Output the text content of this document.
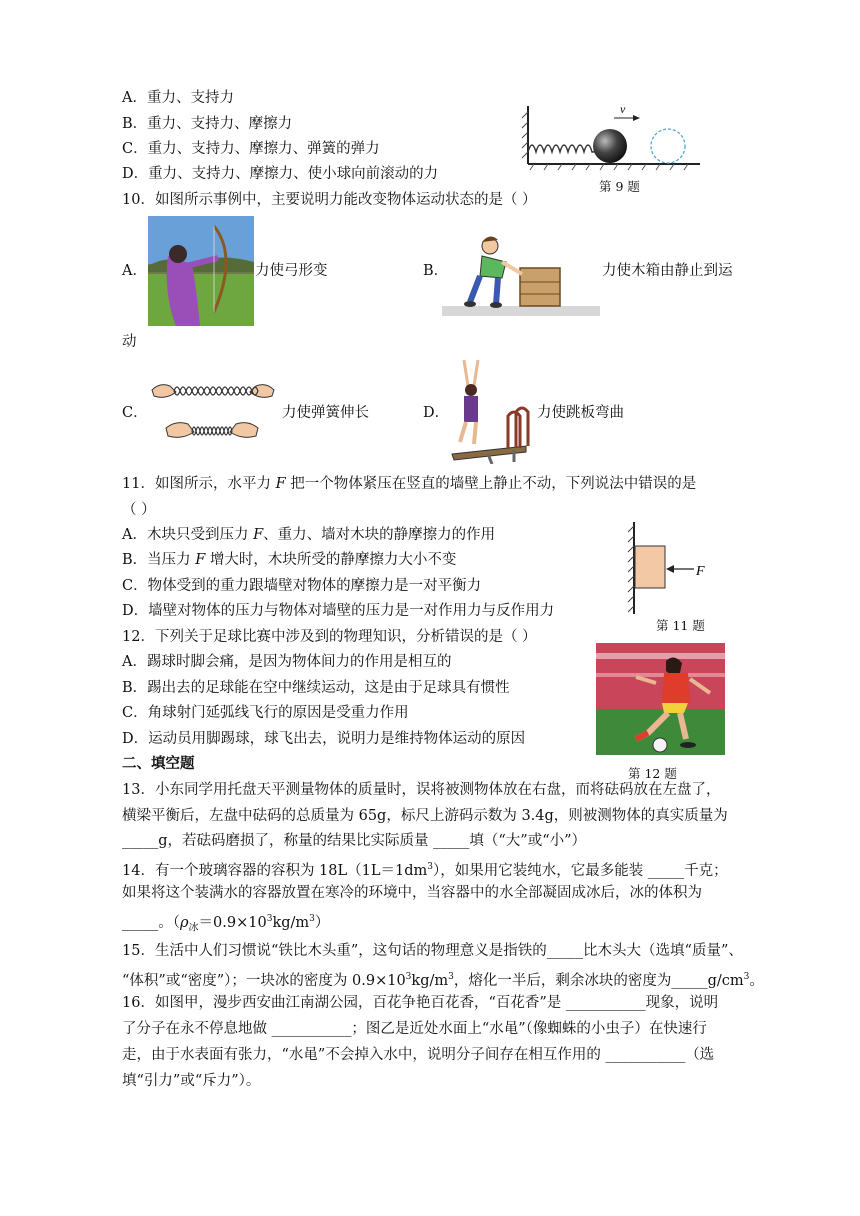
A．重力、支持力
B．重力、支持力、摩擦力
C．重力、支持力、摩擦力、弹簧的弹力
D．重力、支持力、摩擦力、使小球向前滚动的力
v
第 9 题
10．如图所示事例中，主要说明力能改变物体运动状态的是（ ）
A．	力使弓形变	B．	力使木箱由静止到运
动
C．	力使弹簧伸长	D．	力使跳板弯曲
11．如图所示，水平力 F 把一个物体紧压在竖直的墙壁上静止不动，下列说法中错误的是
（ ）
A．木块只受到压力 F、重力、墙对木块的静摩擦力的作用
B．当压力 F 增大时，木块所受的静摩擦力大小不变
C．物体受到的重力跟墙壁对物体的摩擦力是一对平衡力
D．墙壁对物体的压力与物体对墙壁的压力是一对作用力与反作用力
F
第 11 题
12．下列关于足球比赛中涉及到的物理知识，分析错误的是（ ）
A．踢球时脚会痛，是因为物体间力的作用是相互的
B．踢出去的足球能在空中继续运动，这是由于足球具有惯性
C．角球射门延弧线飞行的原因是受重力作用
D．运动员用脚踢球，球飞出去，说明力是维持物体运动的原因
第 12 题
二、填空题
13．小东同学用托盘天平测量物体的质量时，误将被测物体放在右盘，而将砝码放在左盘了，
横梁平衡后，左盘中砝码的总质量为 65g，标尺上游码示数为 3.4g，则被测物体的真实质量为
_____g，若砝码磨损了，称量的结果比实际质量 _____填（“大”或“小”）
14．有一个玻璃容器的容积为 $18L(1L=1dm^3)$，如果用它装纯水，它最多能装 _____千克；
如果将这个装满水的容器放置在寒冷的环境中，当容器中的水全部凝固成冰后，冰的体积为
_____。$(\rho_冰=0.9\times 10^3kg/m^3)$
15．生活中人们习惯说“铁比木头重”，这句话的物理意义是指铁的_____比木头大（选填“质量”、
“体积”或“密度”）；一块冰的密度为 $0.9\times 10^3kg/m^3$，熔化一半后，剩余冰块的密度为$\_\_\_\_\_g/cm^3$。
16．如图甲，漫步西安曲江南湖公园，百花争艳百花香，“百花香”是 ___________现象，说明
了分子在永不停息地做 ___________；图乙是近处水面上“水黾”（像蜘蛛的小虫子）在快速行
走，由于水表面有张力，“水黾”不会掉入水中，说明分子间存在相互作用的 ___________（选
填“引力”或“斥力”）。
